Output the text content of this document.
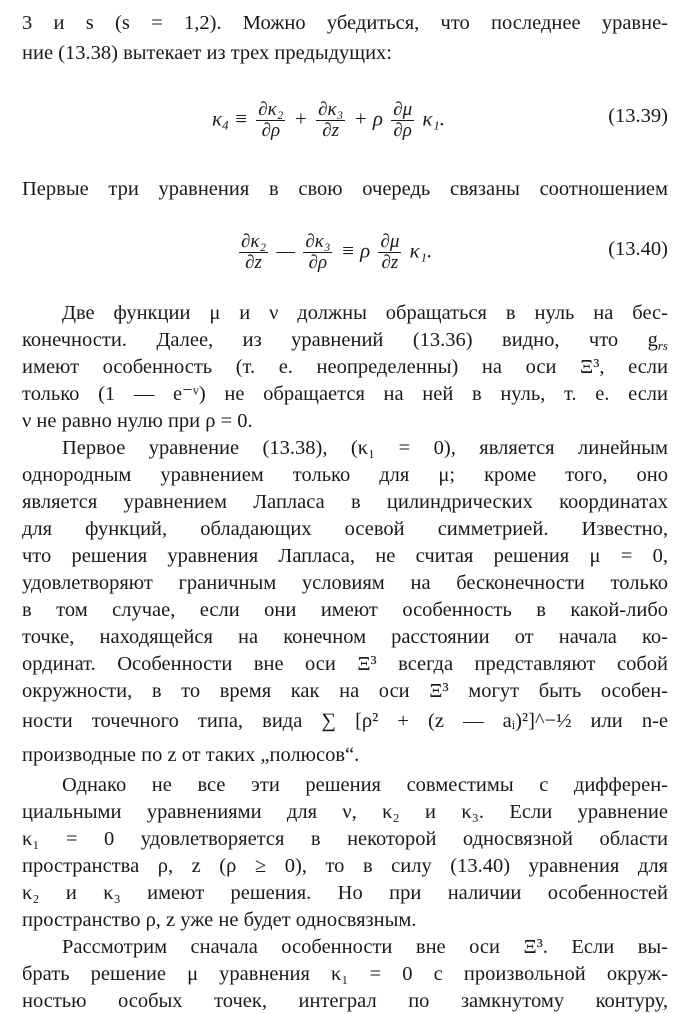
3 и s (s = 1,2). Можно убедиться, что последнее уравне-
ние (13.38) вытекает из трех предыдущих:
$\kappa_4 \equiv \frac{\text{∂κ₂}}{\partial\rho} + \frac{\text{∂κ₃}}{\partial z} + \rho \frac{\partial\mu}{\partial\rho} \kappa_1$.	(13.39)
Первые три уравнения в свою очередь связаны соотношением
$\frac{\text{∂κ₂}}{\partial z}$ — $\frac{\text{∂κ₃}}{\partial\rho} \equiv \rho \frac{\partial\mu}{\partial z} \kappa_1$.	(13.40)
Две функции μ и ν должны обращаться в нуль на бес-
конечности. Далее, из уравнений (13.36) видно, что $g_{rs}$
имеют особенность (т. е. неопределенны) на оси Ξ³, если
только (1 — e⁻ᵛ) не обращается на ней в нуль, т. е. если
ν не равно нулю при ρ = 0.
Первое уравнение (13.38), (κ₁ = 0), является линейным
однородным уравнением только для μ; кроме того, оно
является уравнением Лапласа в цилиндрических координатах
для функций, обладающих осевой симметрией. Известно,
что решения уравнения Лапласа, не считая решения μ = 0,
удовлетворяют граничным условиям на бесконечности только
в том случае, если они имеют особенность в какой-либо
точке, находящейся на конечном расстоянии от начала ко-
ординат. Особенности вне оси Ξ³ всегда представляют собой
окружности, в то время как на оси Ξ³ могут быть особен-
ности точечного типа, вида ∑ [ρ² + (z — aᵢ)²]^−½ или n-е
производные по z от таких „полюсов“.
Однако не все эти решения совместимы с дифферен-
циальными уравнениями для ν, κ₂ и κ₃. Если уравнение
κ₁ = 0 удовлетворяется в некоторой односвязной области
пространства ρ, z (ρ ≥ 0), то в силу (13.40) уравнения для
κ₂ и κ₃ имеют решения. Но при наличии особенностей
пространство ρ, z уже не будет односвязным.
Рассмотрим сначала особенности вне оси Ξ³. Если вы-
брать решение μ уравнения κ₁ = 0 с произвольной окруж-
ностью особых точек, интеграл по замкнутому контуру,
